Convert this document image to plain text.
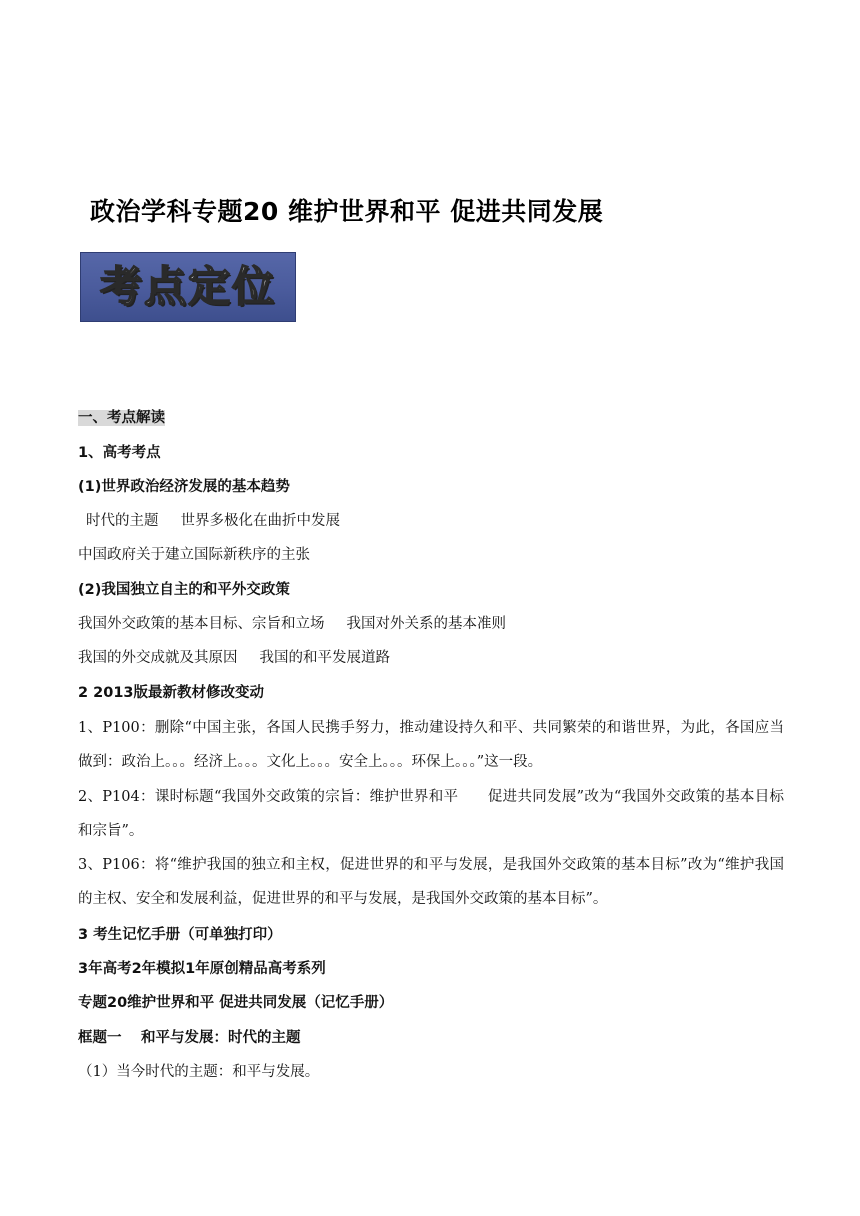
政治学科专题20 维护世界和平 促进共同发展
考点定位
一、考点解读
1、高考考点
(1)世界政治经济发展的基本趋势
时代的主题 世界多极化在曲折中发展
中国政府关于建立国际新秩序的主张
(2)我国独立自主的和平外交政策
我国外交政策的基本目标、宗旨和立场 我国对外关系的基本准则
我国的外交成就及其原因 我国的和平发展道路
2 2013版最新教材修改变动
1、P100：删除“中国主张，各国人民携手努力，推动建设持久和平、共同繁荣的和谐世界，为此，各国应当做到：政治上。。。经济上。。。文化上。。。安全上。。。环保上。。。”这一段。
2、P104：课时标题“我国外交政策的宗旨：维护世界和平　　促进共同发展”改为“我国外交政策的基本目标和宗旨”。
3、P106：将“维护我国的独立和主权，促进世界的和平与发展，是我国外交政策的基本目标”改为“维护我国的主权、安全和发展利益，促进世界的和平与发展，是我国外交政策的基本目标”。
3 考生记忆手册（可单独打印）
3年高考2年模拟1年原创精品高考系列
专题20维护世界和平 促进共同发展（记忆手册）
框题一　 和平与发展：时代的主题
（1）当今时代的主题：和平与发展。
